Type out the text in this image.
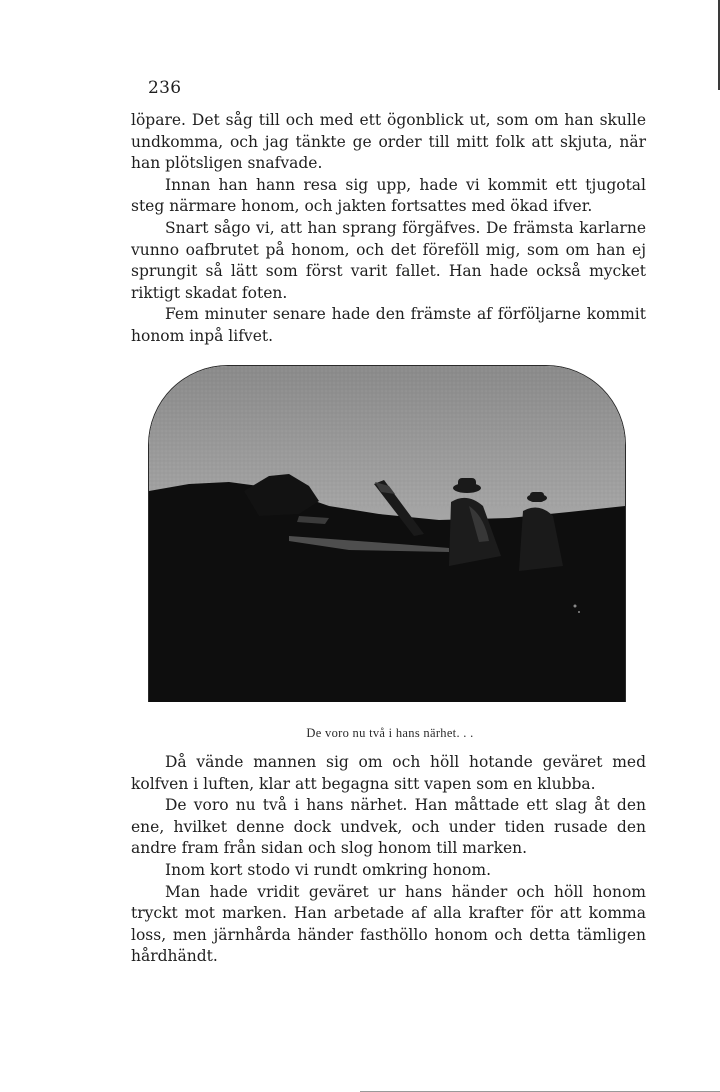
236

löpare. Det såg till och med ett ögonblick ut, som om han skulle undkomma, och jag tänkte ge order till mitt folk att skjuta, när han plötsligen snafvade.

Innan han hann resa sig upp, hade vi kommit ett tjugotal steg närmare honom, och jakten fortsattes med ökad ifver.

Snart sågo vi, att han sprang förgäfves. De främsta karlarne vunno oafbrutet på honom, och det föreföll mig, som om han ej sprungit så lätt som först varit fallet. Han hade också mycket riktigt skadat foten.

Fem minuter senare hade den främste af förföljarne kommit honom inpå lifvet.

De voro nu två i hans närhet. . .

Då vände mannen sig om och höll hotande geväret med kolfven i luften, klar att begagna sitt vapen som en klubba.

De voro nu två i hans närhet. Han måttade ett slag åt den ene, hvilket denne dock undvek, och under tiden rusade den andre fram från sidan och slog honom till marken.

Inom kort stodo vi rundt omkring honom.

Man hade vridit geväret ur hans händer och höll honom tryckt mot marken. Han arbetade af alla krafter för att komma loss, men järnhårda händer fasthöllo honom och detta tämligen hårdhändt.
